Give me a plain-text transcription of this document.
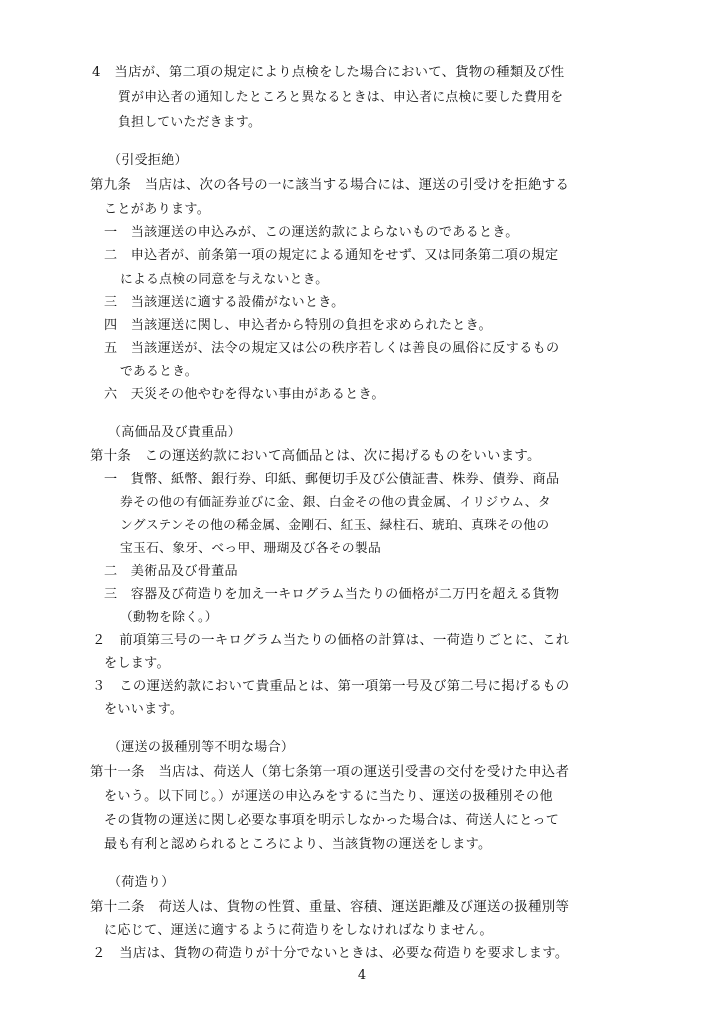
4　当店が、第二項の規定により点検をした場合において、貨物の種類及び性
質が申込者の通知したところと異なるときは、申込者に点検に要した費用を
負担していただきます。
（引受拒絶）
第九条　当店は、次の各号の一に該当する場合には、運送の引受けを拒絶する
ことがあります。
一　当該運送の申込みが、この運送約款によらないものであるとき。
二　申込者が、前条第一項の規定による通知をせず、又は同条第二項の規定
による点検の同意を与えないとき。
三　当該運送に適する設備がないとき。
四　当該運送に関し、申込者から特別の負担を求められたとき。
五　当該運送が、法令の規定又は公の秩序若しくは善良の風俗に反するもの
であるとき。
六　天災その他やむを得ない事由があるとき。
（高価品及び貴重品）
第十条　この運送約款において高価品とは、次に掲げるものをいいます。
一　貨幣、紙幣、銀行券、印紙、郵便切手及び公債証書、株券、債券、商品
券その他の有価証券並びに金、銀、白金その他の貴金属、イリジウム、タ
ングステンその他の稀金属、金剛石、紅玉、緑柱石、琥珀、真珠その他の
宝玉石、象牙、べっ甲、珊瑚及び各その製品
二　美術品及び骨董品
三　容器及び荷造りを加え一キログラム当たりの価格が二万円を超える貨物
（動物を除く。）
２　前項第三号の一キログラム当たりの価格の計算は、一荷造りごとに、これ
をします。
３　この運送約款において貴重品とは、第一項第一号及び第二号に掲げるもの
をいいます。
（運送の扱種別等不明な場合）
第十一条　当店は、荷送人（第七条第一項の運送引受書の交付を受けた申込者
をいう。以下同じ。）が運送の申込みをするに当たり、運送の扱種別その他
その貨物の運送に関し必要な事項を明示しなかった場合は、荷送人にとって
最も有利と認められるところにより、当該貨物の運送をします。
（荷造り）
第十二条　荷送人は、貨物の性質、重量、容積、運送距離及び運送の扱種別等
に応じて、運送に適するように荷造りをしなければなりません。
２　当店は、貨物の荷造りが十分でないときは、必要な荷造りを要求します。
4
